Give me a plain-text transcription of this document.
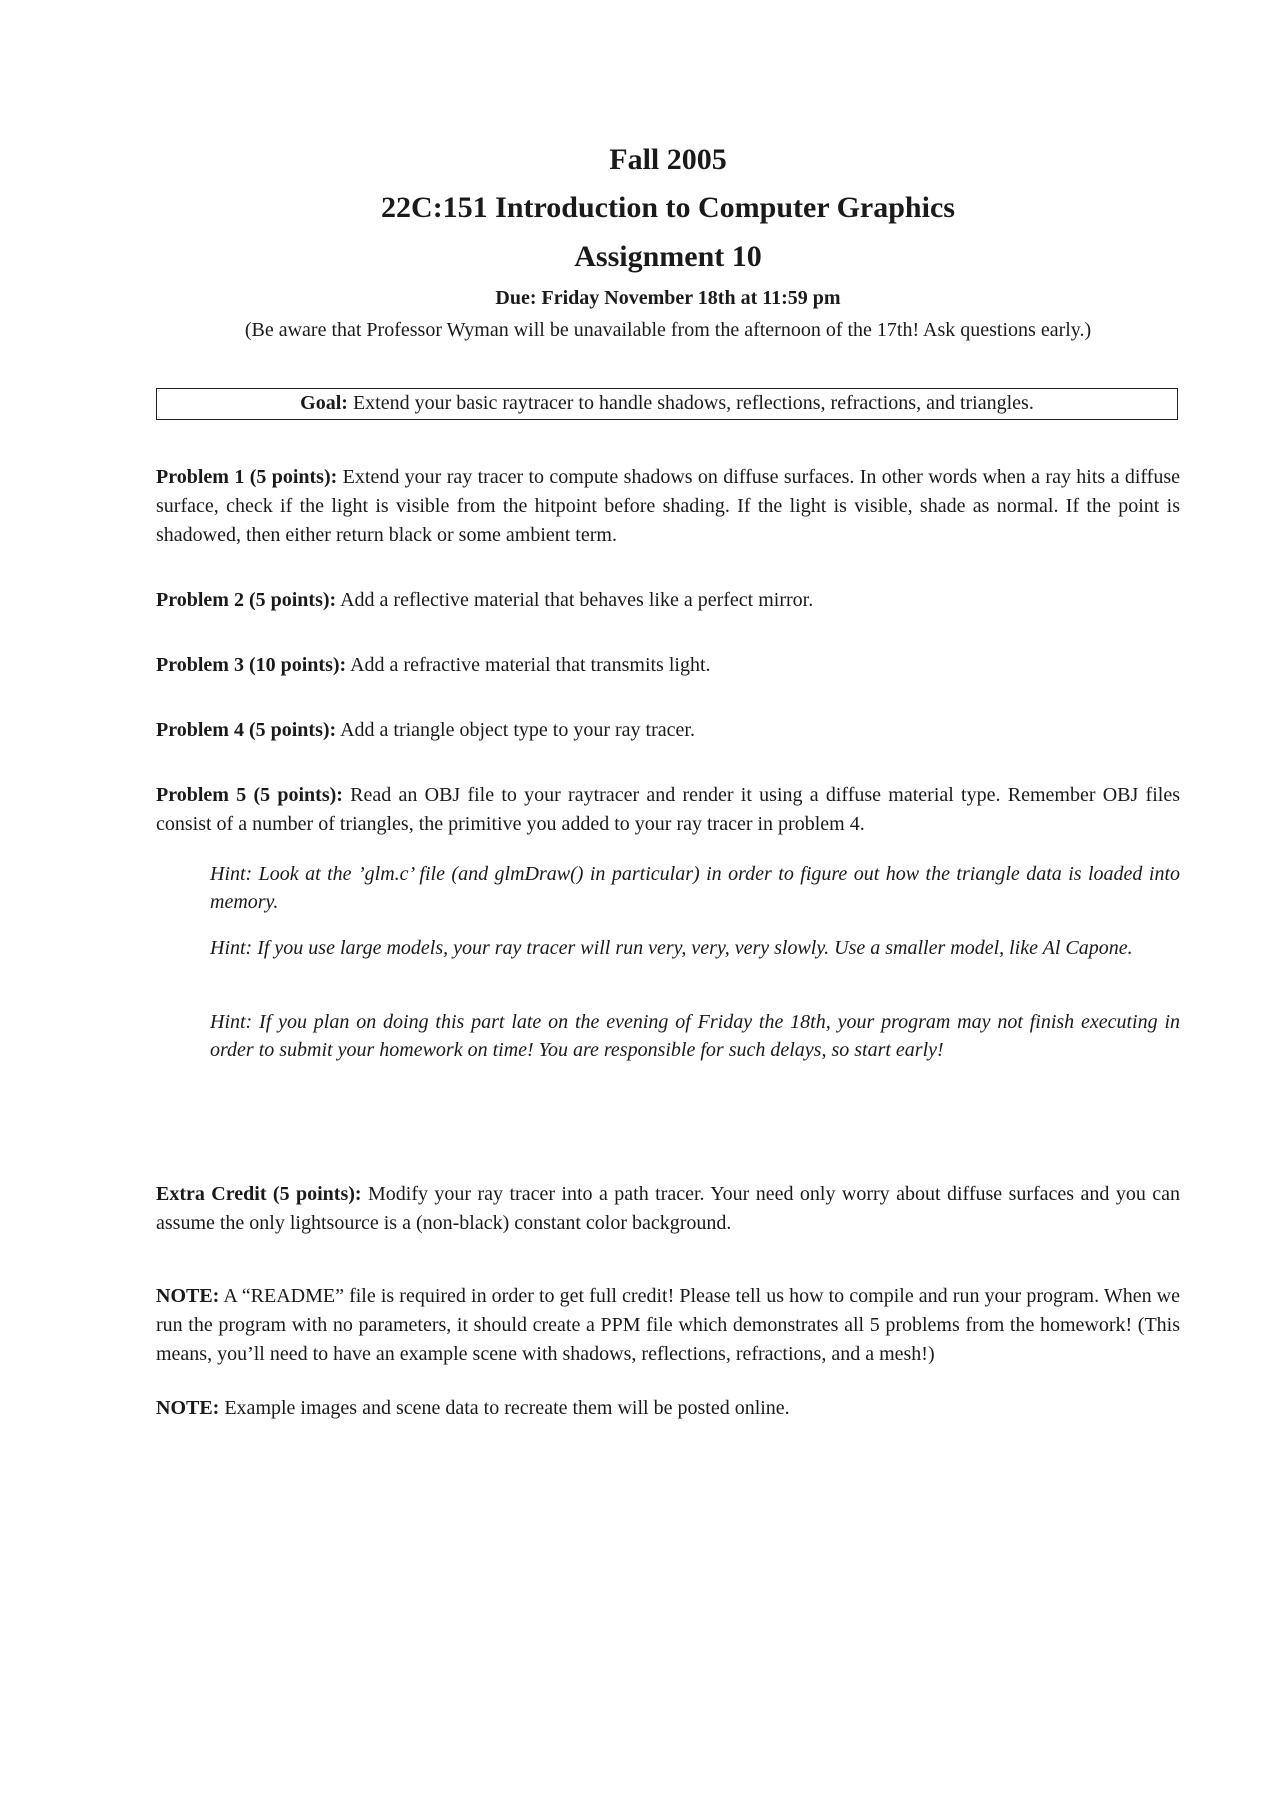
Fall 2005
22C:151 Introduction to Computer Graphics
Assignment 10
Due: Friday November 18th at 11:59 pm
(Be aware that Professor Wyman will be unavailable from the afternoon of the 17th! Ask questions early.)
Goal: Extend your basic raytracer to handle shadows, reflections, refractions, and triangles.
Problem 1 (5 points): Extend your ray tracer to compute shadows on diffuse surfaces. In other words when a ray hits a diffuse surface, check if the light is visible from the hitpoint before shading. If the light is visible, shade as normal. If the point is shadowed, then either return black or some ambient term.
Problem 2 (5 points): Add a reflective material that behaves like a perfect mirror.
Problem 3 (10 points): Add a refractive material that transmits light.
Problem 4 (5 points): Add a triangle object type to your ray tracer.
Problem 5 (5 points): Read an OBJ file to your raytracer and render it using a diffuse material type. Remember OBJ files consist of a number of triangles, the primitive you added to your ray tracer in problem 4.
Hint: Look at the ’glm.c’ file (and glmDraw() in particular) in order to figure out how the triangle data is loaded into memory.
Hint: If you use large models, your ray tracer will run very, very, very slowly. Use a smaller model, like Al Capone.
Hint: If you plan on doing this part late on the evening of Friday the 18th, your program may not finish executing in order to submit your homework on time! You are responsible for such delays, so start early!
Extra Credit (5 points): Modify your ray tracer into a path tracer. Your need only worry about diffuse surfaces and you can assume the only lightsource is a (non-black) constant color background.
NOTE: A “README” file is required in order to get full credit! Please tell us how to compile and run your program. When we run the program with no parameters, it should create a PPM file which demonstrates all 5 problems from the homework! (This means, you’ll need to have an example scene with shadows, reflections, refractions, and a mesh!)
NOTE: Example images and scene data to recreate them will be posted online.
